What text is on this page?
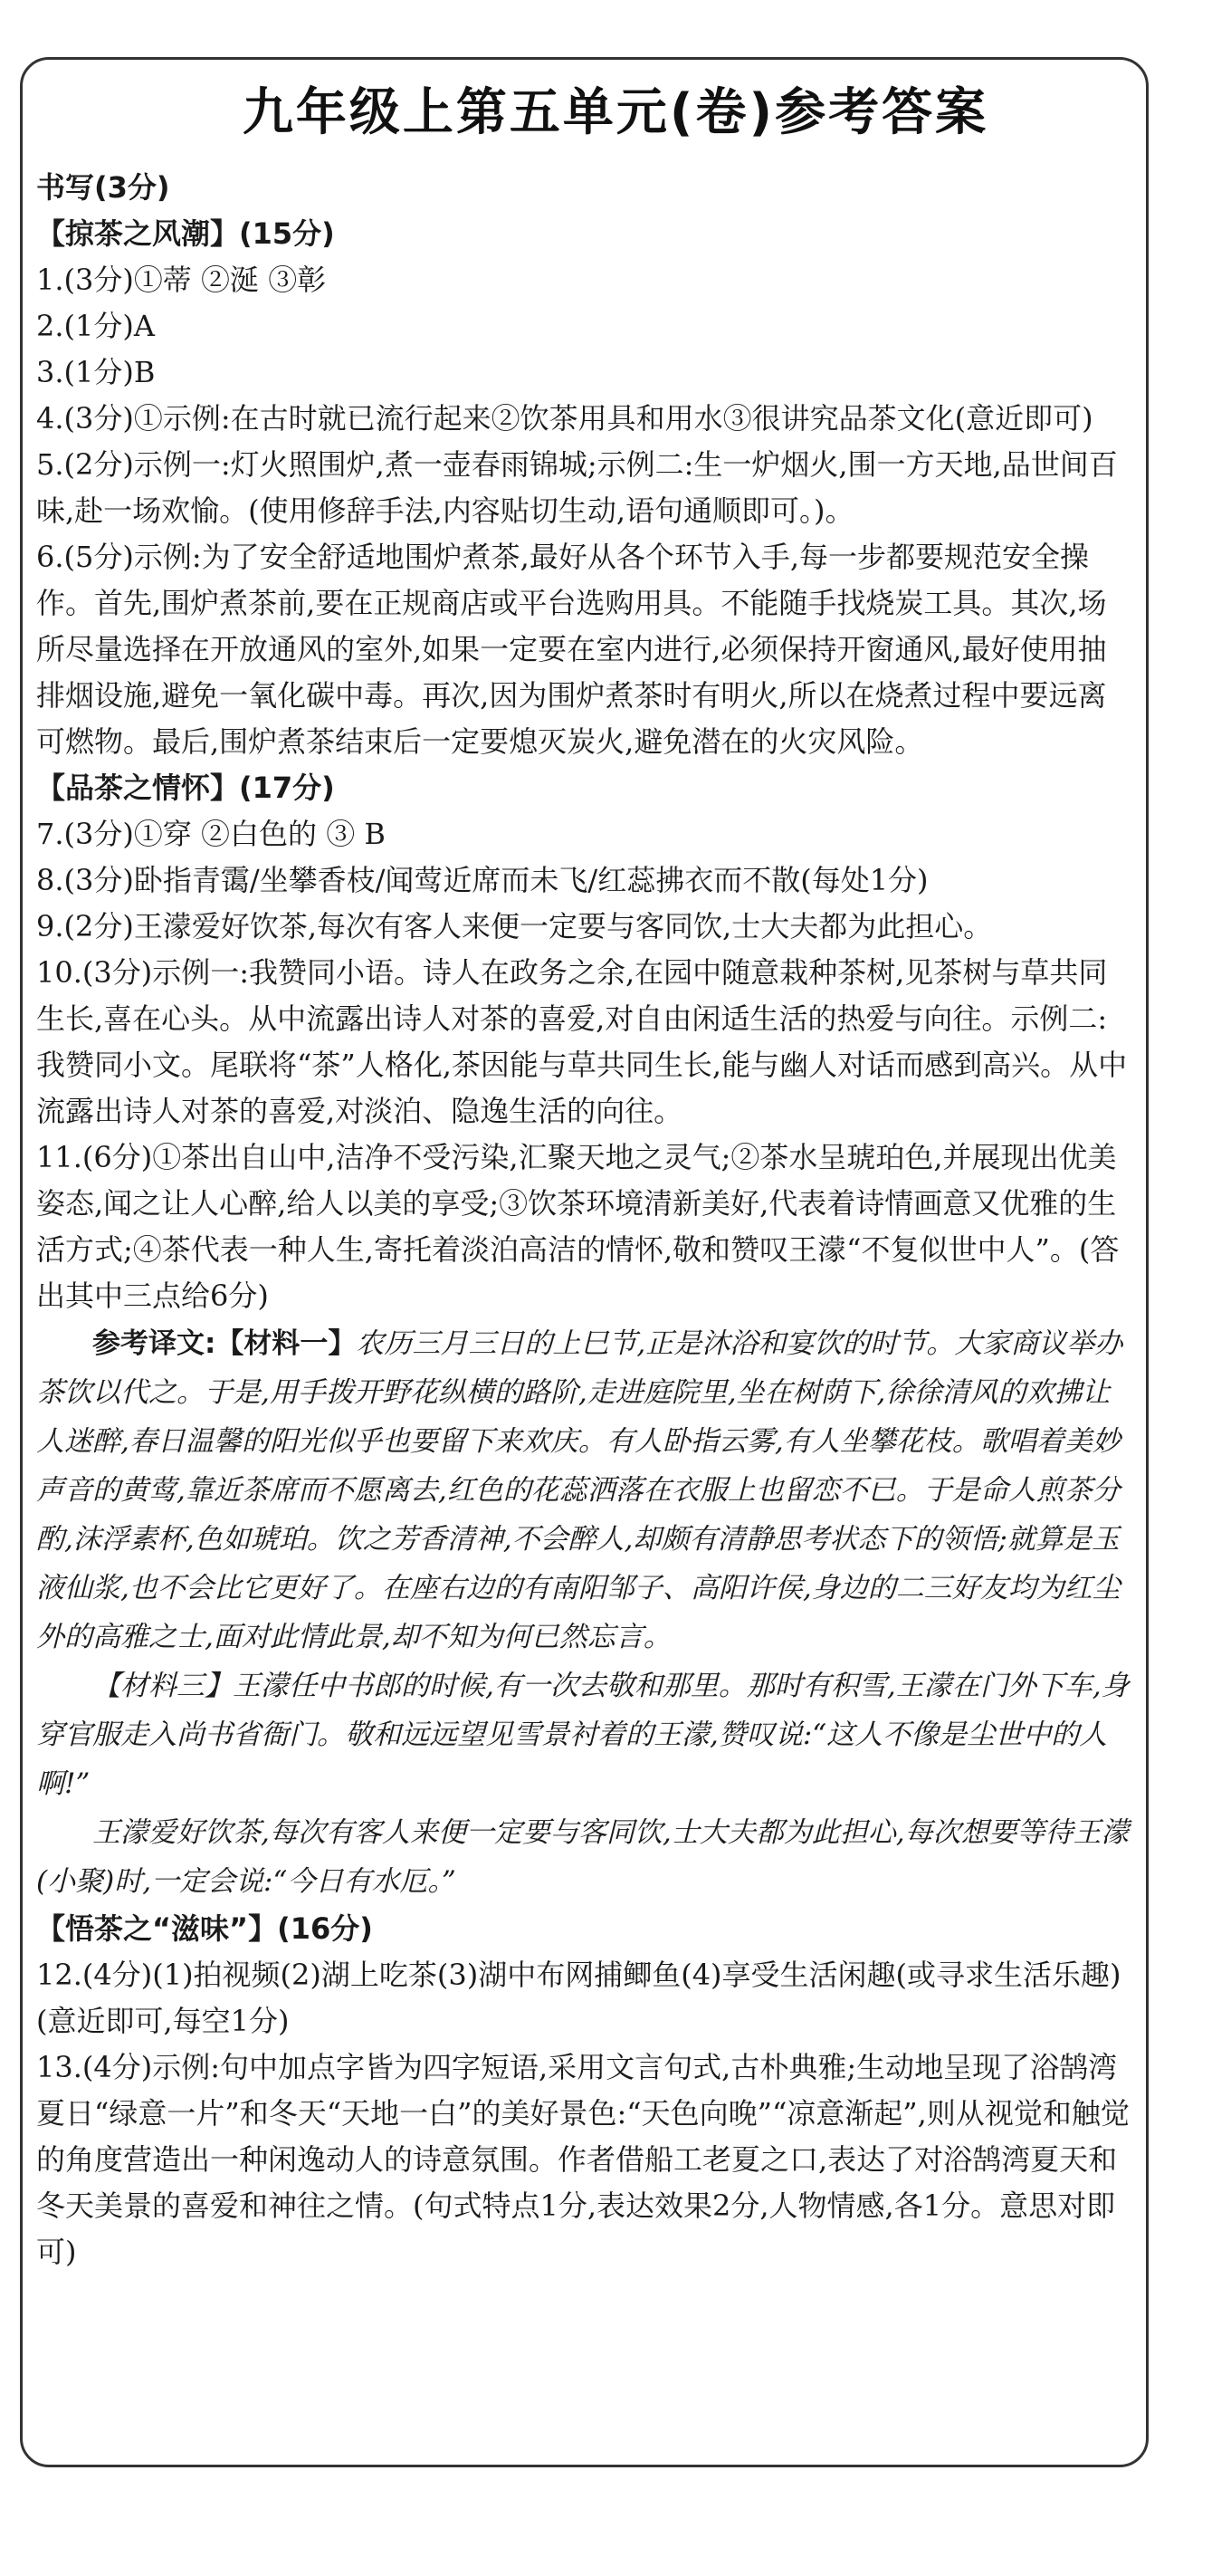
九年级上第五单元(卷)参考答案

书写(3分)

【掠茶之风潮】(15分)

1.(3分)①蒂 ②涎 ③彰

2.(1分)A

3.(1分)B

4.(3分)①示例:在古时就已流行起来②饮茶用具和用水③很讲究品茶文化(意近即可)

5.(2分)示例一:灯火照围炉,煮一壶春雨锦城;示例二:生一炉烟火,围一方天地,品世间百味,赴一场欢愉。(使用修辞手法,内容贴切生动,语句通顺即可。)。

6.(5分)示例:为了安全舒适地围炉煮茶,最好从各个环节入手,每一步都要规范安全操作。首先,围炉煮茶前,要在正规商店或平台选购用具。不能随手找烧炭工具。其次,场所尽量选择在开放通风的室外,如果一定要在室内进行,必须保持开窗通风,最好使用抽排烟设施,避免一氧化碳中毒。再次,因为围炉煮茶时有明火,所以在烧煮过程中要远离可燃物。最后,围炉煮茶结束后一定要熄灭炭火,避免潜在的火灾风险。

【品茶之情怀】(17分)

7.(3分)①穿 ②白色的 ③ B

8.(3分)卧指青霭/坐攀香枝/闻莺近席而未飞/红蕊拂衣而不散(每处1分)

9.(2分)王濛爱好饮茶,每次有客人来便一定要与客同饮,士大夫都为此担心。

10.(3分)示例一:我赞同小语。诗人在政务之余,在园中随意栽种茶树,见茶树与草共同生长,喜在心头。从中流露出诗人对茶的喜爱,对自由闲适生活的热爱与向往。示例二:我赞同小文。尾联将“茶”人格化,茶因能与草共同生长,能与幽人对话而感到高兴。从中流露出诗人对茶的喜爱,对淡泊、隐逸生活的向往。

11.(6分)①茶出自山中,洁净不受污染,汇聚天地之灵气;②茶水呈琥珀色,并展现出优美姿态,闻之让人心醉,给人以美的享受;③饮茶环境清新美好,代表着诗情画意又优雅的生活方式;④茶代表一种人生,寄托着淡泊高洁的情怀,敬和赞叹王濛“不复似世中人”。(答出其中三点给6分)

参考译文:【材料一】农历三月三日的上巳节,正是沐浴和宴饮的时节。大家商议举办茶饮以代之。于是,用手拨开野花纵横的路阶,走进庭院里,坐在树荫下,徐徐清风的欢拂让人迷醉,春日温馨的阳光似乎也要留下来欢庆。有人卧指云雾,有人坐攀花枝。歌唱着美妙声音的黄莺,靠近茶席而不愿离去,红色的花蕊洒落在衣服上也留恋不已。于是命人煎茶分酌,沫浮素杯,色如琥珀。饮之芳香清神,不会醉人,却颇有清静思考状态下的领悟;就算是玉液仙浆,也不会比它更好了。在座右边的有南阳邹子、高阳许侯,身边的二三好友均为红尘外的高雅之士,面对此情此景,却不知为何已然忘言。

【材料三】王濛任中书郎的时候,有一次去敬和那里。那时有积雪,王濛在门外下车,身穿官服走入尚书省衙门。敬和远远望见雪景衬着的王濛,赞叹说:“这人不像是尘世中的人啊!”

王濛爱好饮茶,每次有客人来便一定要与客同饮,士大夫都为此担心,每次想要等待王濛(小聚)时,一定会说:“今日有水厄。”

【悟茶之“滋味”】(16分)

12.(4分)(1)拍视频(2)湖上吃茶(3)湖中布网捕鲫鱼(4)享受生活闲趣(或寻求生活乐趣)(意近即可,每空1分)

13.(4分)示例:句中加点字皆为四字短语,采用文言句式,古朴典雅;生动地呈现了浴鹄湾夏日“绿意一片”和冬天“天地一白”的美好景色:“天色向晚”“凉意渐起”,则从视觉和触觉的角度营造出一种闲逸动人的诗意氛围。作者借船工老夏之口,表达了对浴鹄湾夏天和冬天美景的喜爱和神往之情。(句式特点1分,表达效果2分,人物情感,各1分。意思对即可)
